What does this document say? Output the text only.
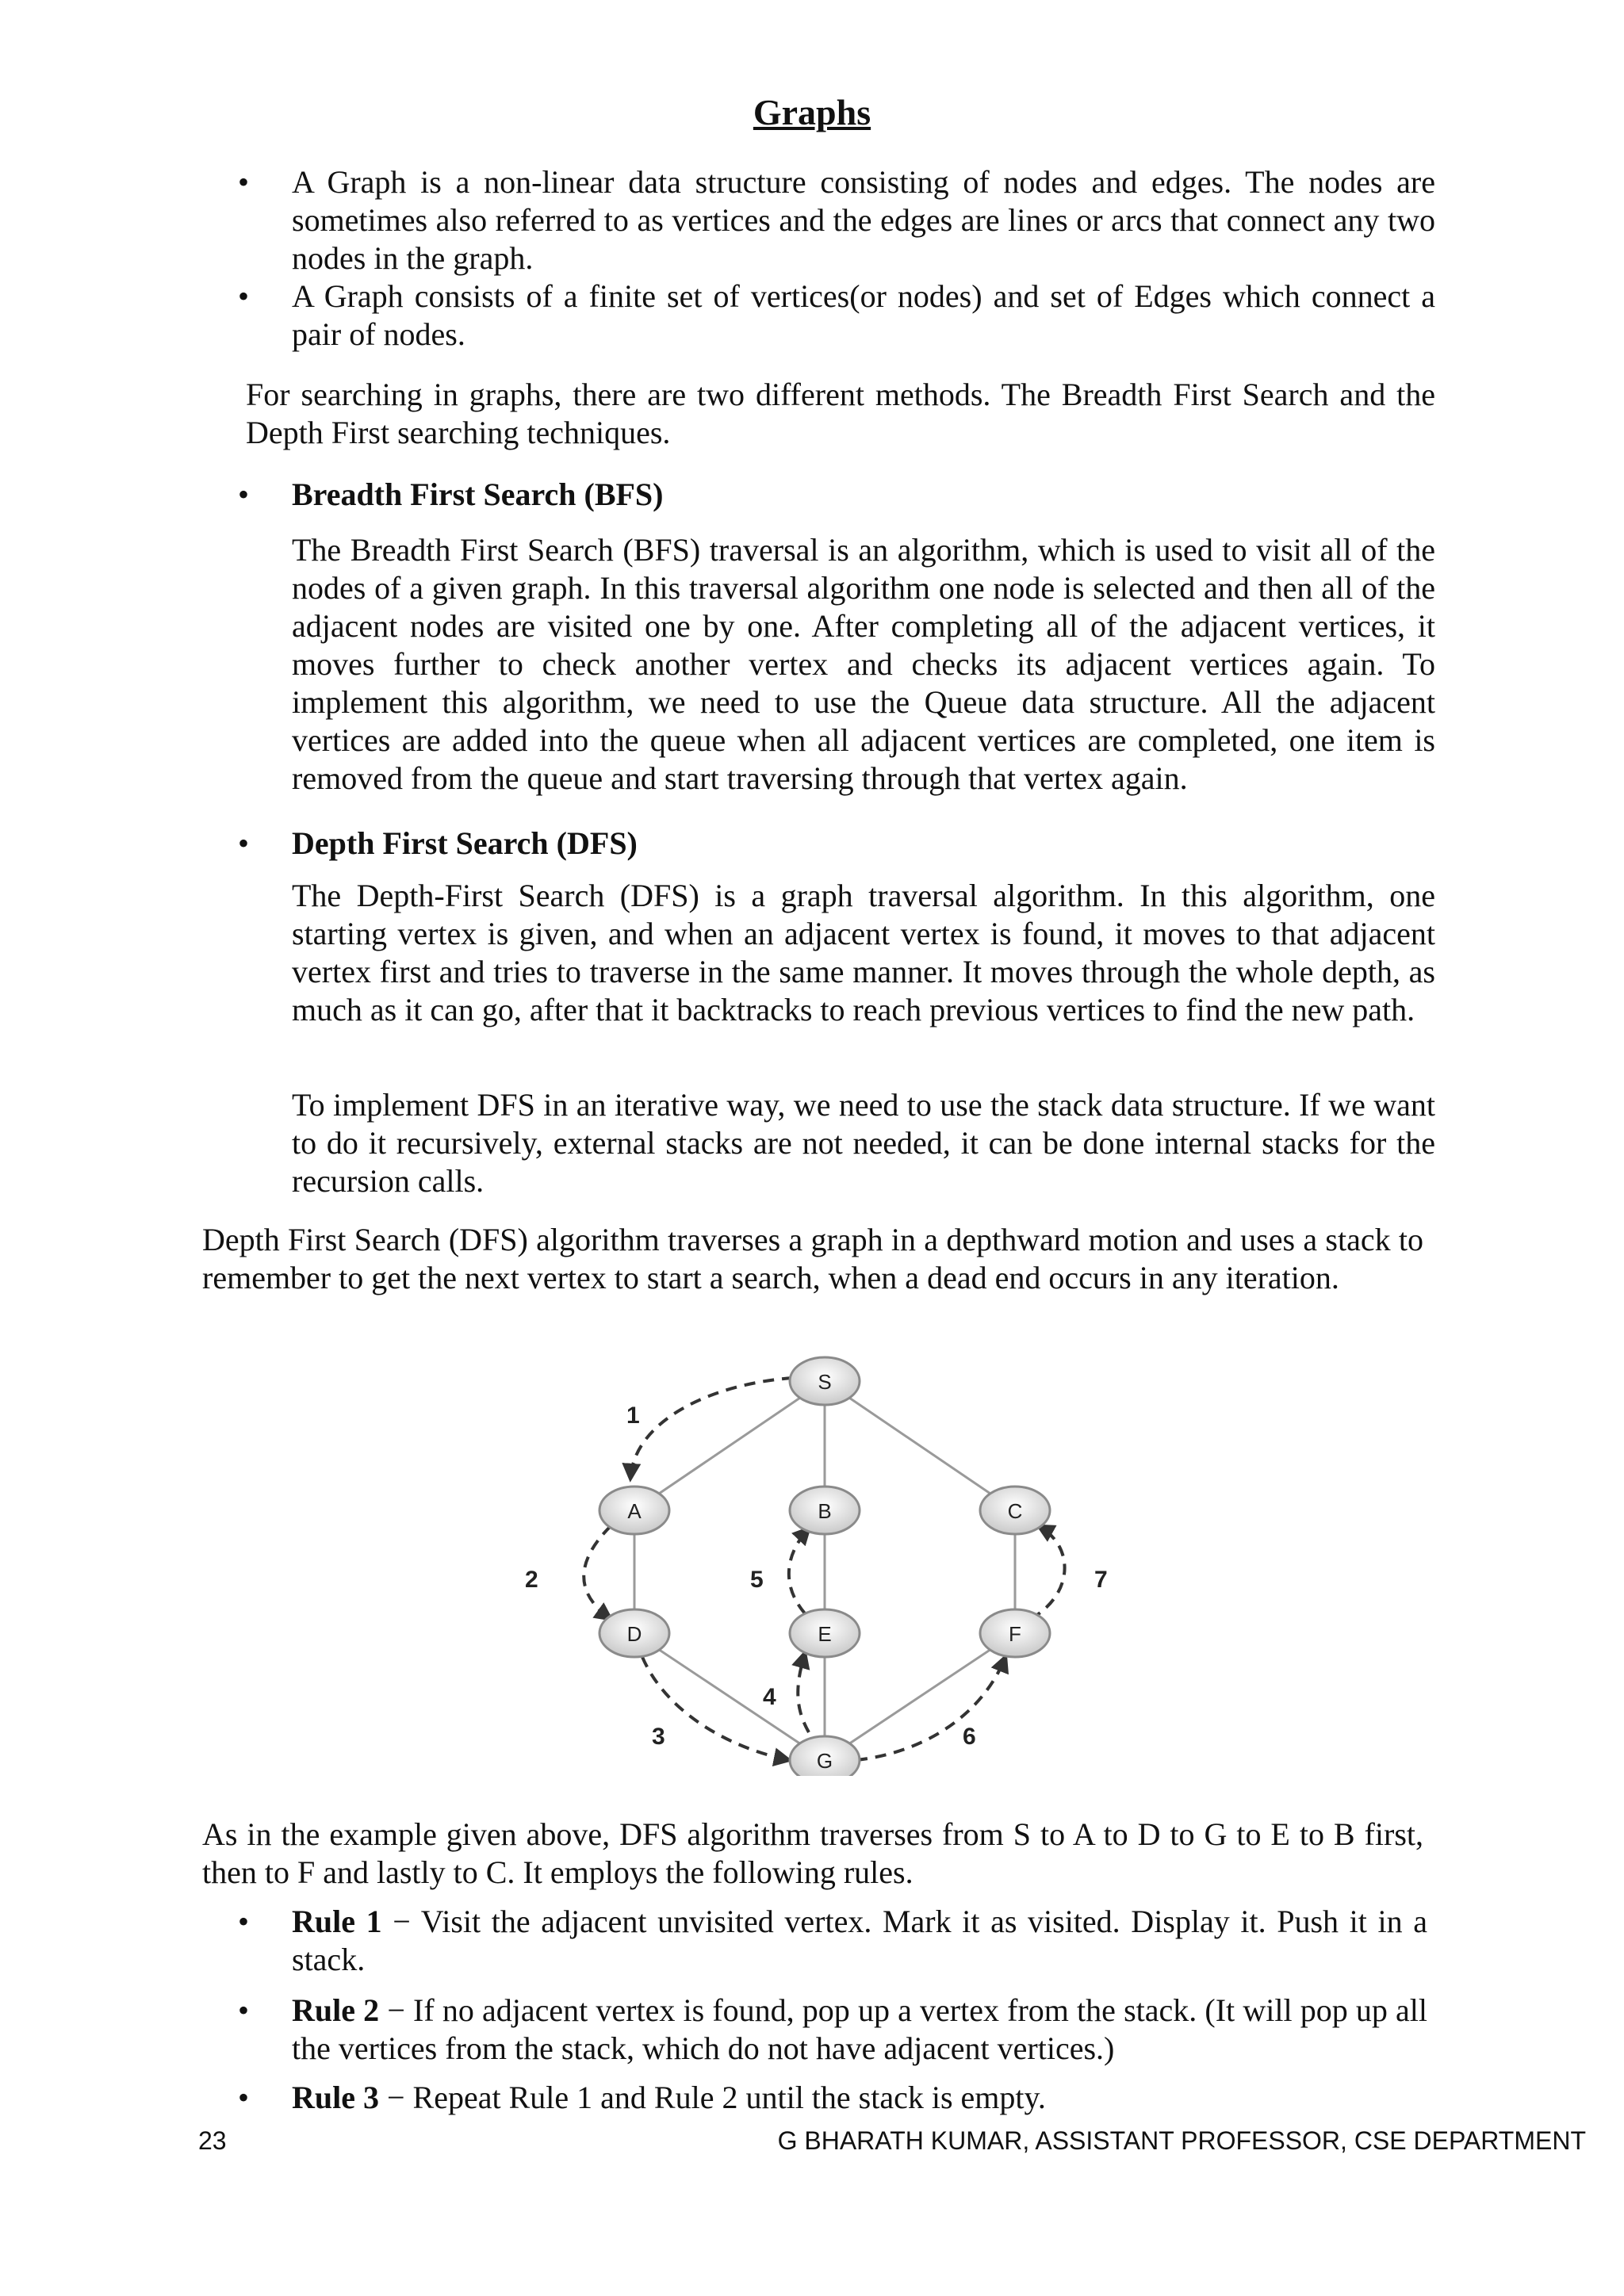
Graphs
• A Graph is a non-linear data structure consisting of nodes and edges. The nodes are sometimes also referred to as vertices and the edges are lines or arcs that connect any two nodes in the graph.
• A Graph consists of a finite set of vertices(or nodes) and set of Edges which connect a pair of nodes.
For searching in graphs, there are two different methods. The Breadth First Search and the Depth First searching techniques.
• Breadth First Search (BFS)
The Breadth First Search (BFS) traversal is an algorithm, which is used to visit all of the nodes of a given graph. In this traversal algorithm one node is selected and then all of the adjacent nodes are visited one by one. After completing all of the adjacent vertices, it moves further to check another vertex and checks its adjacent vertices again. To implement this algorithm, we need to use the Queue data structure. All the adjacent vertices are added into the queue when all adjacent vertices are completed, one item is removed from the queue and start traversing through that vertex again.
• Depth First Search (DFS)
The Depth-First Search (DFS) is a graph traversal algorithm. In this algorithm, one starting vertex is given, and when an adjacent vertex is found, it moves to that adjacent vertex first and tries to traverse in the same manner. It moves through the whole depth, as much as it can go, after that it backtracks to reach previous vertices to find the new path.
To implement DFS in an iterative way, we need to use the stack data structure. If we want to do it recursively, external stacks are not needed, it can be done internal stacks for the recursion calls.
Depth First Search (DFS) algorithm traverses a graph in a depthward motion and uses a stack to remember to get the next vertex to start a search, when a dead end occurs in any iteration.
S
A	B	C
D	E	F
G
1
2
3
4
5
6
7
As in the example given above, DFS algorithm traverses from S to A to D to G to E to B first, then to F and lastly to C. It employs the following rules.
• Rule 1 − Visit the adjacent unvisited vertex. Mark it as visited. Display it. Push it in a stack.
• Rule 2 − If no adjacent vertex is found, pop up a vertex from the stack. (It will pop up all the vertices from the stack, which do not have adjacent vertices.)
• Rule 3 − Repeat Rule 1 and Rule 2 until the stack is empty.
23	G BHARATH KUMAR, ASSISTANT PROFESSOR, CSE DEPARTMENT
